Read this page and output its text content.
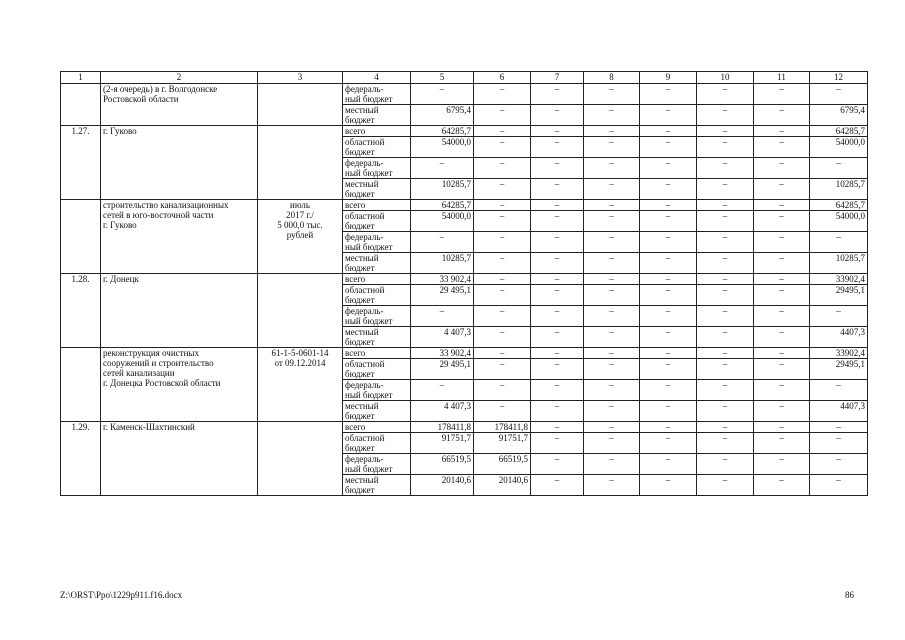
1	2	3	4	5	6	7	8	9	10	11	12
	(2-я очередь) в г. Волгодонске
Ростовской области		федераль-
ный бюджет	–	–	–	–	–	–	–	–
			местный
бюджет	6795,4	–	–	–	–	–	–	6795,4
1.27.	г. Гуково		всего	64285,7	–	–	–	–	–	–	64285,7
			областной
бюджет	54000,0	–	–	–	–	–	–	54000,0
			федераль-
ный бюджет	–	–	–	–	–	–	–	–
			местный
бюджет	10285,7	–	–	–	–	–	–	10285,7
	строительство канализационных
сетей в юго-восточной части
г. Гуково	июль
2017 г./
5 000,0 тыс.
рублей	всего	64285,7	–	–	–	–	–	–	64285,7
			областной
бюджет	54000,0	–	–	–	–	–	–	54000,0
			федераль-
ный бюджет	–	–	–	–	–	–	–	–
			местный
бюджет	10285,7	–	–	–	–	–	–	10285,7
1.28.	г. Донецк		всего	33 902,4	–	–	–	–	–	–	33902,4
			областной
бюджет	29 495,1	–	–	–	–	–	–	29495,1
			федераль-
ный бюджет	–	–	–	–	–	–	–	–
			местный
бюджет	4 407,3	–	–	–	–	–	–	4407,3
	реконструкция очистных
сооружений и строительство
сетей канализации
г. Донецка Ростовской области	61-1-5-0601-14
от 09.12.2014	всего	33 902,4	–	–	–	–	–	–	33902,4
			областной
бюджет	29 495,1	–	–	–	–	–	–	29495,1
			федераль-
ный бюджет	–	–	–	–	–	–	–	–
			местный
бюджет	4 407,3	–	–	–	–	–	–	4407,3
1.29.	г. Каменск-Шахтинский		всего	178411,8	178411,8	–	–	–	–	–	–
			областной
бюджет	91751,7	91751,7	–	–	–	–	–	–
			федераль-
ный бюджет	66519,5	66519,5	–	–	–	–	–	–
			местный
бюджет	20140,6	20140,6	–	–	–	–	–	–
Z:\ORST\Ppo\1229p911.f16.docx	86
